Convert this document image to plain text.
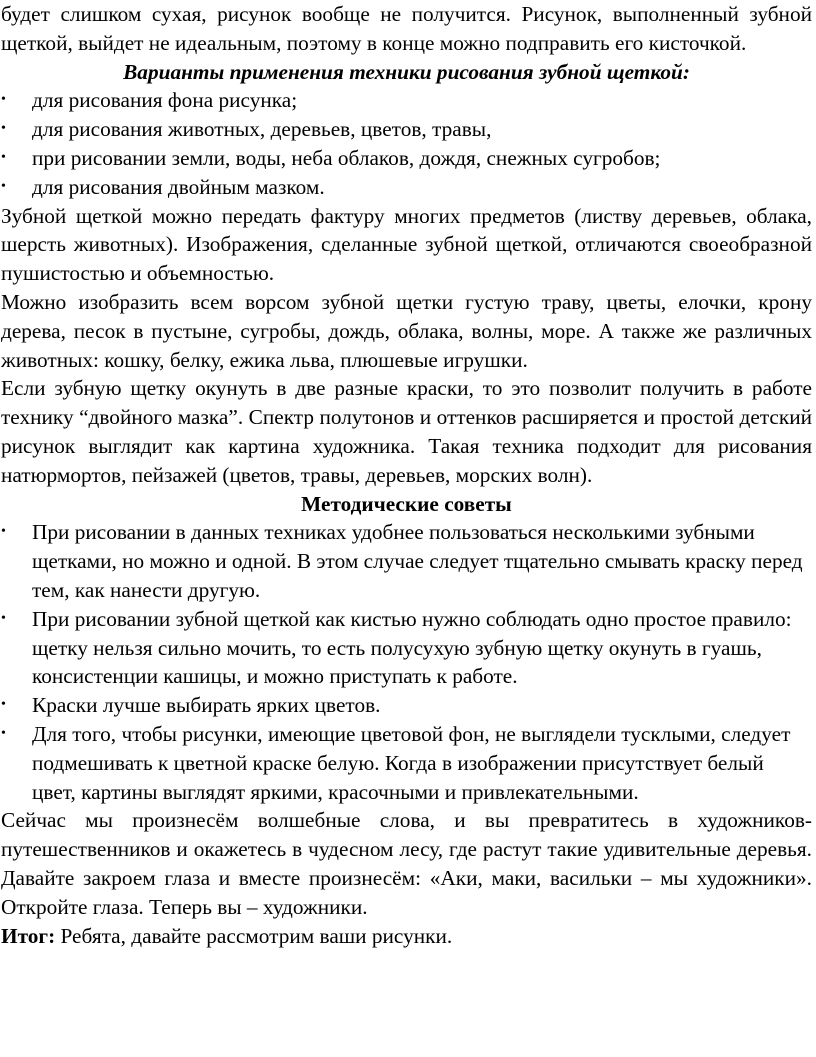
будет слишком сухая, рисунок вообще не получится. Рисунок, выполненный зубной щеткой, выйдет не идеальным, поэтому в конце можно подправить его кисточкой.

Варианты применения техники рисования зубной щеткой:

•	для рисования фона рисунка;
•	для рисования животных, деревьев, цветов, травы,
•	при рисовании земли, воды, неба облаков, дождя, снежных сугробов;
•	для рисования двойным мазком.

Зубной щеткой можно передать фактуру многих предметов (листву деревьев, облака, шерсть животных). Изображения, сделанные зубной щеткой, отличаются своеобразной пушистостью и объемностью.

Можно изобразить всем ворсом зубной щетки густую траву, цветы, елочки, крону дерева, песок в пустыне, сугробы, дождь, облака, волны, море. А также же различных животных: кошку, белку, ежика льва, плюшевые игрушки.

Если зубную щетку окунуть в две разные краски, то это позволит получить в работе технику “двойного мазка”. Спектр полутонов и оттенков расширяется и простой детский рисунок выглядит как картина художника. Такая техника подходит для рисования натюрмортов, пейзажей (цветов, травы, деревьев, морских волн).

Методические советы

•	При рисовании в данных техниках удобнее пользоваться несколькими зубными щетками, но можно и одной. В этом случае следует тщательно смывать краску перед тем, как нанести другую.
•	При рисовании зубной щеткой как кистью нужно соблюдать одно простое правило: щетку нельзя сильно мочить, то есть полусухую зубную щетку окунуть в гуашь, консистенции кашицы, и можно приступать к работе.
•	Краски лучше выбирать ярких цветов.
•	Для того, чтобы рисунки, имеющие цветовой фон, не выглядели тусклыми, следует подмешивать к цветной краске белую. Когда в изображении присутствует белый цвет, картины выглядят яркими, красочными и привлекательными.

Сейчас мы произнесём волшебные слова, и вы превратитесь в художников-путешественников и окажетесь в чудесном лесу, где растут такие удивительные деревья. Давайте закроем глаза и вместе произнесём: «Аки, маки, васильки – мы художники». Откройте глаза. Теперь вы – художники.

Итог: Ребята, давайте рассмотрим ваши рисунки.
